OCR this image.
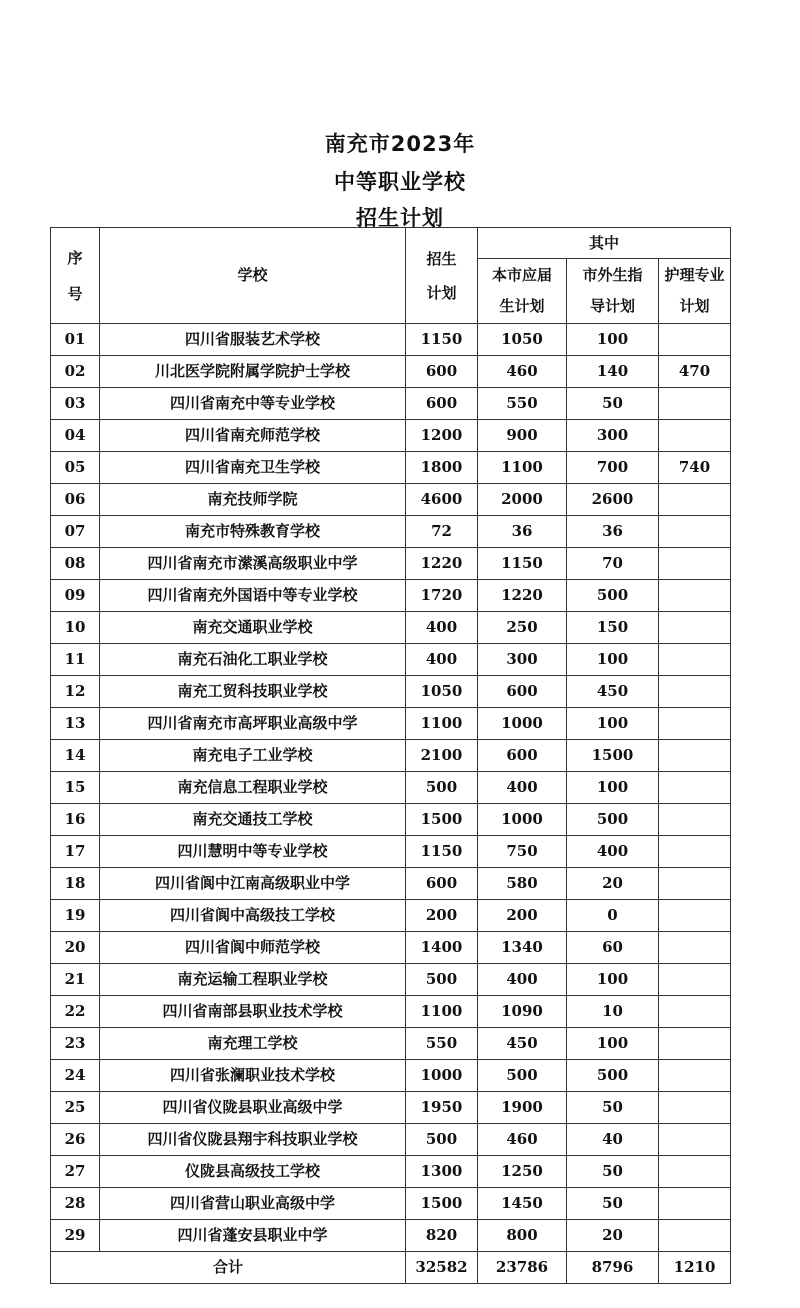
南充市2023年
中等职业学校
招生计划
序号	学校	招生计划	其中		
			本市应届生计划	市外生指导计划	护理专业计划
01	四川省服装艺术学校	1150	1050	100	
02	川北医学院附属学院护士学校	600	460	140	470
03	四川省南充中等专业学校	600	550	50	
04	四川省南充师范学校	1200	900	300	
05	四川省南充卫生学校	1800	1100	700	740
06	南充技师学院	4600	2000	2600	
07	南充市特殊教育学校	72	36	36	
08	四川省南充市潆溪高级职业中学	1220	1150	70	
09	四川省南充外国语中等专业学校	1720	1220	500	
10	南充交通职业学校	400	250	150	
11	南充石油化工职业学校	400	300	100	
12	南充工贸科技职业学校	1050	600	450	
13	四川省南充市高坪职业高级中学	1100	1000	100	
14	南充电子工业学校	2100	600	1500	
15	南充信息工程职业学校	500	400	100	
16	南充交通技工学校	1500	1000	500	
17	四川慧明中等专业学校	1150	750	400	
18	四川省阆中江南高级职业中学	600	580	20	
19	四川省阆中高级技工学校	200	200	0	
20	四川省阆中师范学校	1400	1340	60	
21	南充运输工程职业学校	500	400	100	
22	四川省南部县职业技术学校	1100	1090	10	
23	南充理工学校	550	450	100	
24	四川省张澜职业技术学校	1000	500	500	
25	四川省仪陇县职业高级中学	1950	1900	50	
26	四川省仪陇县翔宇科技职业学校	500	460	40	
27	仪陇县高级技工学校	1300	1250	50	
28	四川省营山职业高级中学	1500	1450	50	
29	四川省蓬安县职业中学	820	800	20	
合计		32582	23786	8796	1210
